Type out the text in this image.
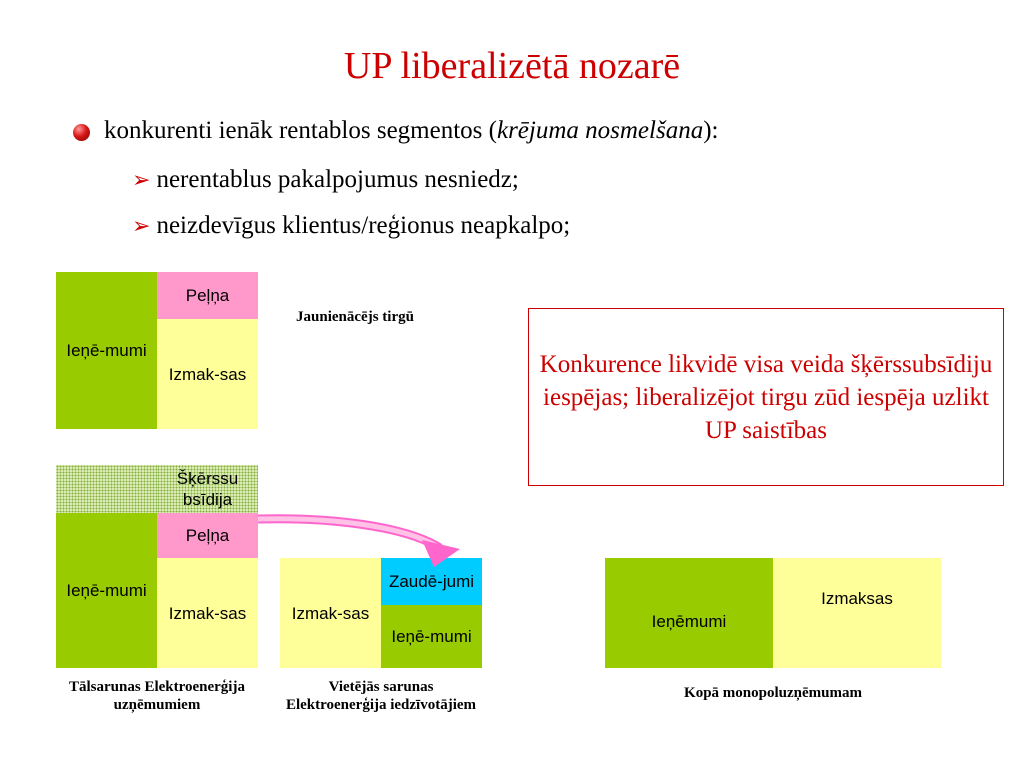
UP liberalizētā nozarē
konkurenti ienāk rentablos segmentos (krējuma nosmelšana):
➢ nerentablus pakalpojumus nesniedz;
➢ neizdevīgus klientus/reģionus neapkalpo;
Ieņē-mumi
Peļņa
Izmak-sas
Jaunienācējs tirgū
Šķērssu bsīdija
Ieņē-mumi
Peļņa
Izmak-sas
Tālsarunas Elektroenerģija uzņēmumiem
Izmak-sas
Zaudē-jumi
Ieņē-mumi
Vietējās sarunas Elektroenerģija iedzīvotājiem
Ieņēmumi
Izmaksas
Kopā monopoluzņēmumam
Konkurence likvidē visa veida šķērssubsīdiju iespējas; liberalizējot tirgu zūd iespēja uzlikt UP saistības
